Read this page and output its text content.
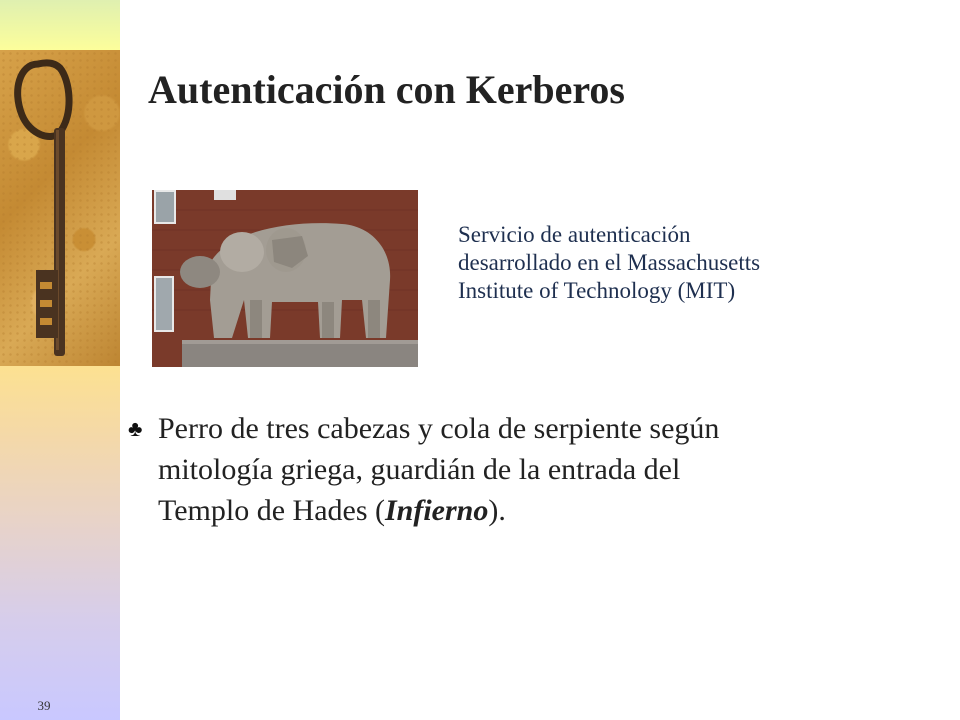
39
Autenticación con Kerberos
Servicio de autenticación
desarrollado en el Massachusetts
Institute of Technology (MIT)
♣ Perro de tres cabezas y cola de serpiente según
mitología griega, guardián de la entrada del
Templo de Hades (Infierno).
